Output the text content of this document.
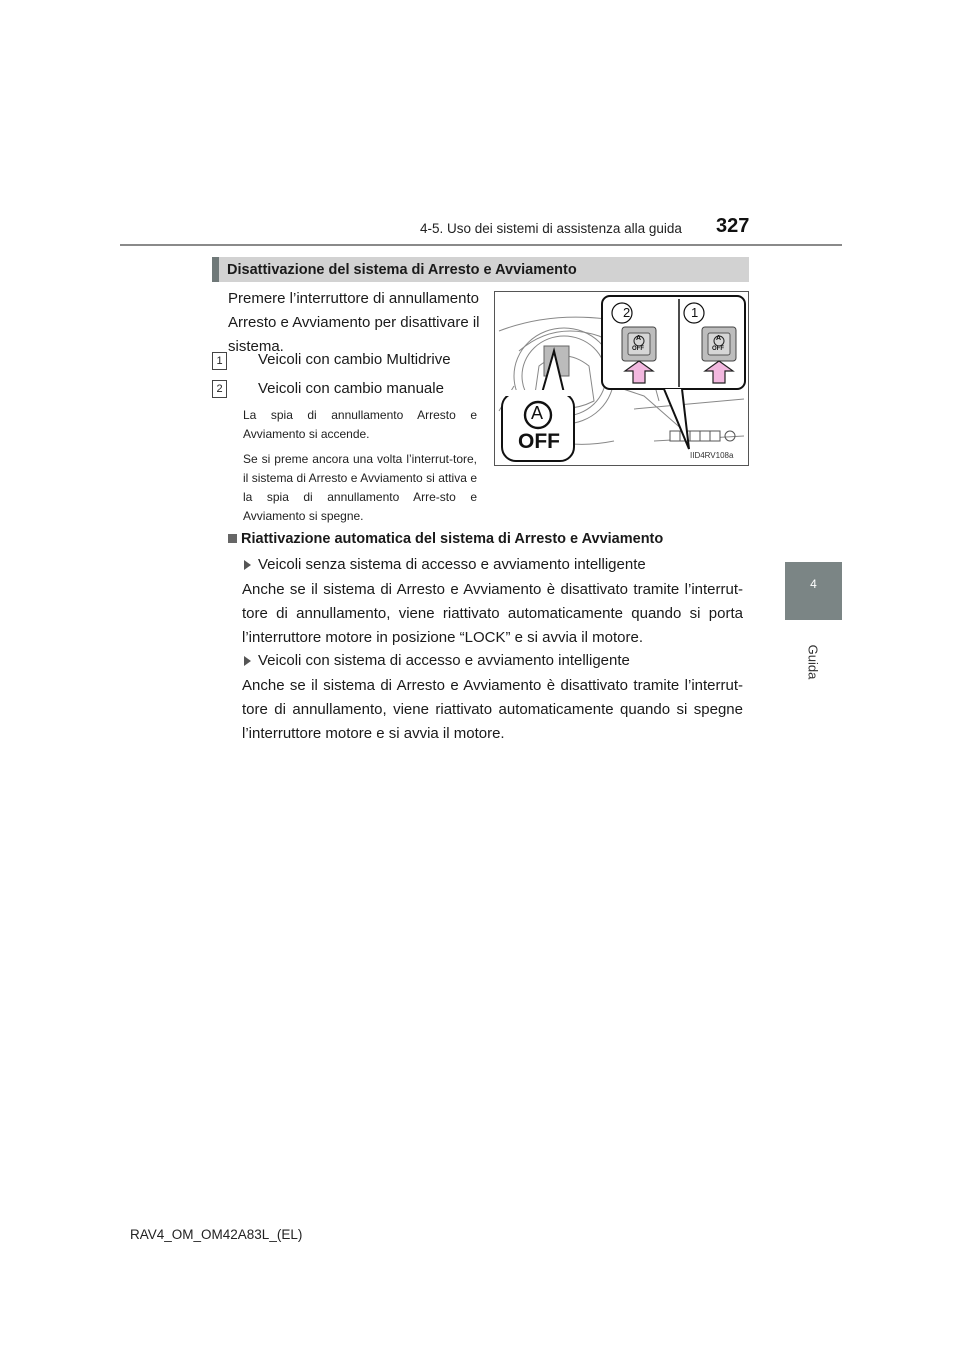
4-5. Uso dei sistemi di assistenza alla guida 327
4
Guida
Disattivazione del sistema di Arresto e Avviamento
Premere l’interruttore di annullamento Arresto e Avviamento per disattivare il sistema.
1 Veicoli con cambio Multidrive
2 Veicoli con cambio manuale
La spia di annullamento Arresto e Avviamento si accende.
Se si preme ancora una volta l’interrut-tore, il sistema di Arresto e Avviamento si attiva e la spia di annullamento Arre-sto e Avviamento si spegne.
2	1
A
OFF
A
OFF
A
OFF
IID4RV108a
Riattivazione automatica del sistema di Arresto e Avviamento
Veicoli senza sistema di accesso e avviamento intelligente
Anche se il sistema di Arresto e Avviamento è disattivato tramite l’interrut-tore di annullamento, viene riattivato automaticamente quando si porta l’interruttore motore in posizione “LOCK” e si avvia il motore.
Veicoli con sistema di accesso e avviamento intelligente
Anche se il sistema di Arresto e Avviamento è disattivato tramite l’interrut-tore di annullamento, viene riattivato automaticamente quando si spegne l’interruttore motore e si avvia il motore.
RAV4_OM_OM42A83L_(EL)
